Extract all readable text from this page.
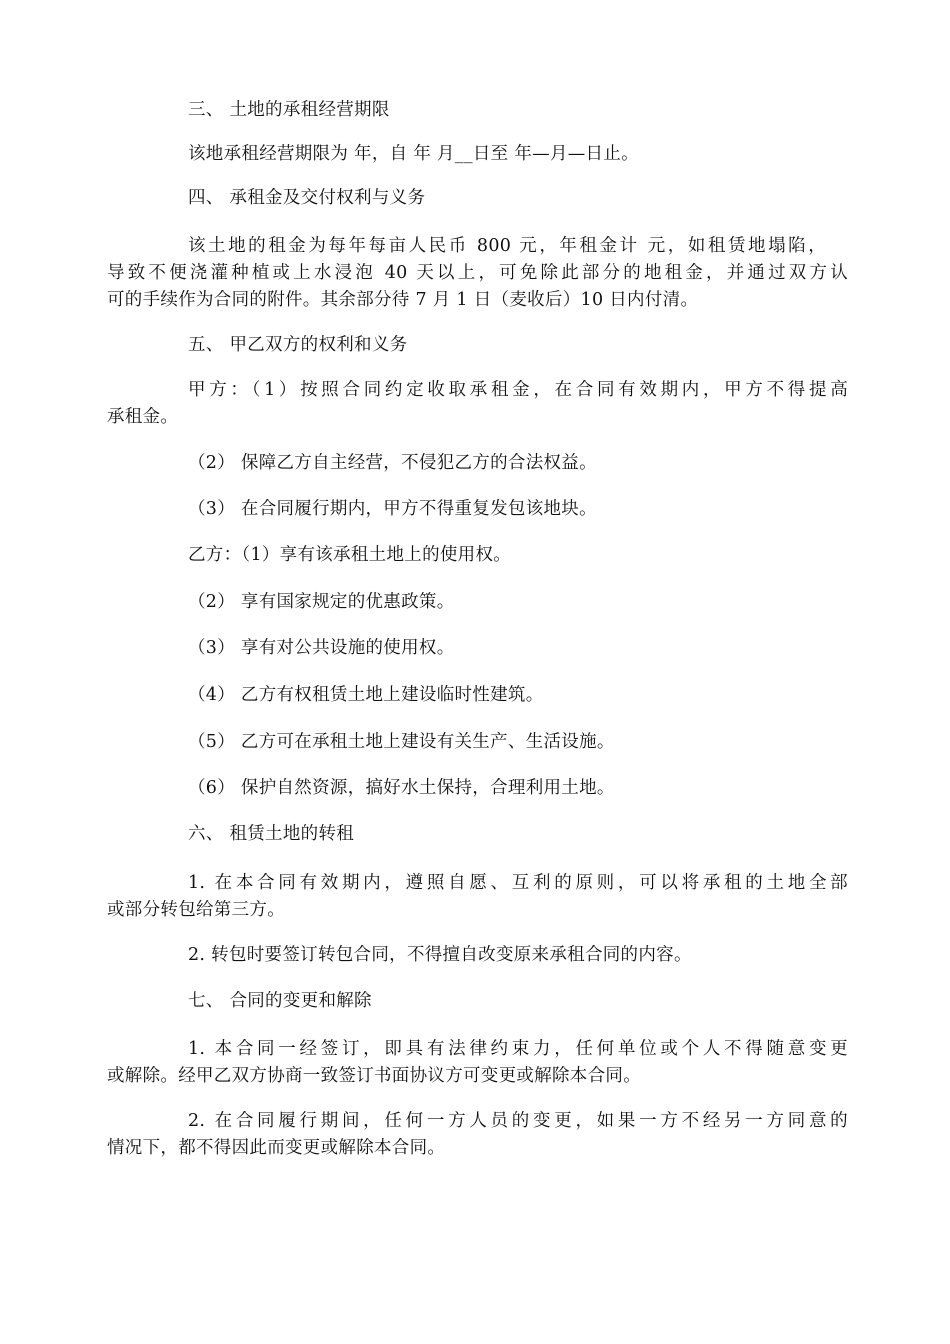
三、 土地的承租经营期限
该地承租经营期限为 年，自 年 月__日至 年—月—日止。
四、 承租金及交付权利与义务
该土地的租金为每年每亩人民币 800 元，年租金计 元，如租赁地塌陷，
导致不便浇灌种植或上水浸泡 40 天以上，可免除此部分的地租金，并通过双方认
可的手续作为合同的附件。其余部分待 7 月 1 日（麦收后）10 日内付清。
五、 甲乙双方的权利和义务
甲方：（1）按照合同约定收取承租金，在合同有效期内，甲方不得提高
承租金。
（2） 保障乙方自主经营，不侵犯乙方的合法权益。
（3） 在合同履行期内，甲方不得重复发包该地块。
乙方：（1）享有该承租土地上的使用权。
（2） 享有国家规定的优惠政策。
（3） 享有对公共设施的使用权。
（4） 乙方有权租赁土地上建设临时性建筑。
（5） 乙方可在承租土地上建设有关生产、生活设施。
（6） 保护自然资源，搞好水土保持，合理利用土地。
六、 租赁土地的转租
1. 在本合同有效期内，遵照自愿、互利的原则，可以将承租的土地全部
或部分转包给第三方。
2. 转包时要签订转包合同，不得擅自改变原来承租合同的内容。
七、 合同的变更和解除
1. 本合同一经签订，即具有法律约束力，任何单位或个人不得随意变更
或解除。经甲乙双方协商一致签订书面协议方可变更或解除本合同。
2. 在合同履行期间，任何一方人员的变更，如果一方不经另一方同意的
情况下，都不得因此而变更或解除本合同。
